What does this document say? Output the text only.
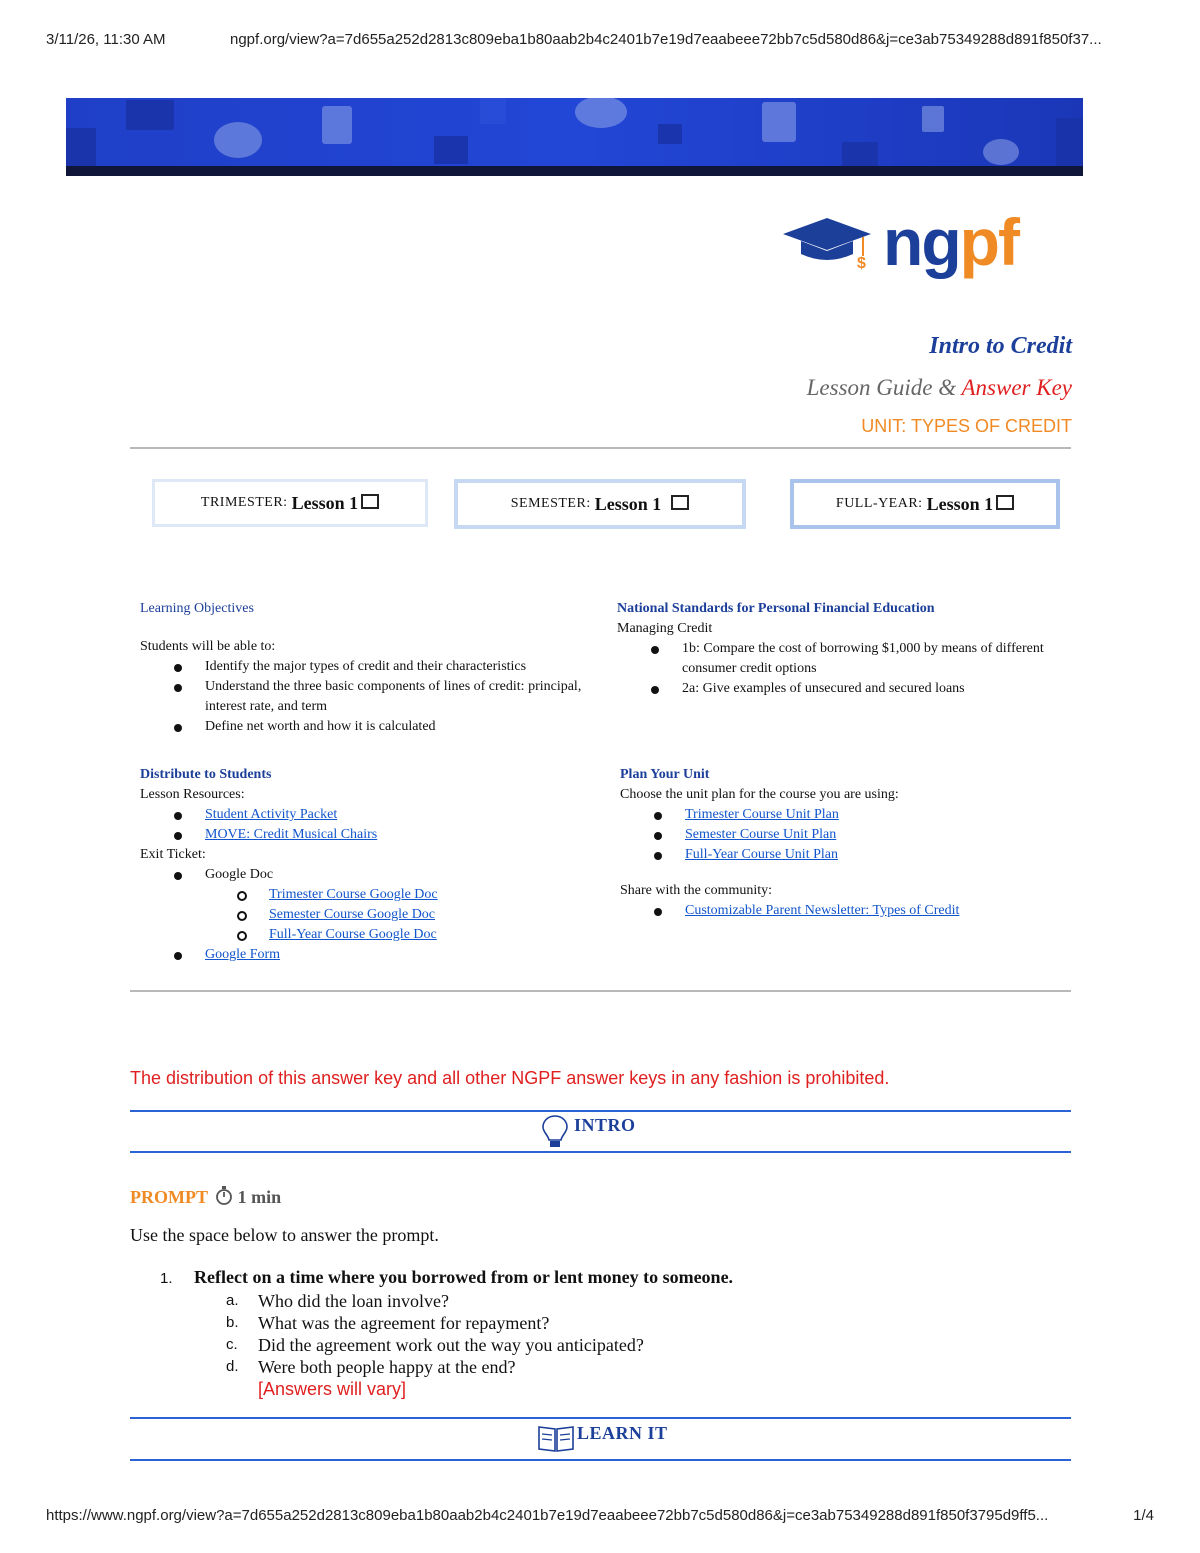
3/11/26, 11:30 AM	ngpf.org/view?a=7d655a252d2813c809eba1b80aab2b4c2401b7e19d7eaabeee72bb7c5d580d86&j=ce3ab75349288d891f850f37...
$ ngpf
Intro to Credit
Lesson Guide & Answer Key
UNIT: TYPES OF CREDIT
TRIMESTER: Lesson 1	SEMESTER: Lesson 1	FULL-YEAR: Lesson 1
Learning Objectives

Students will be able to:

Identify the major types of credit and their characteristics
Understand the three basic components of lines of credit: principal, interest rate, and term
Define net worth and how it is calculated
National Standards for Personal Financial Education

Managing Credit

1b: Compare the cost of borrowing $1,000 by means of different consumer credit options
2a: Give examples of unsecured and secured loans
Distribute to Students

Lesson Resources:

Student Activity Packet
MOVE: Credit Musical Chairs

Exit Ticket:

Google Doc
Trimester Course Google Doc
Semester Course Google Doc
Full-Year Course Google Doc
Google Form
Plan Your Unit

Choose the unit plan for the course you are using:

Trimester Course Unit Plan
Semester Course Unit Plan
Full-Year Course Unit Plan

Share with the community:

Customizable Parent Newsletter: Types of Credit
The distribution of this answer key and all other NGPF answer keys in any fashion is prohibited.
INTRO
PROMPT 1 min
Use the space below to answer the prompt.
1. Reflect on a time where you borrowed from or lent money to someone.
a.	Who did the loan involve?
b.	What was the agreement for repayment?
c.	Did the agreement work out the way you anticipated?
d.	Were both people happy at the end?
[Answers will vary]
LEARN IT
https://www.ngpf.org/view?a=7d655a252d2813c809eba1b80aab2b4c2401b7e19d7eaabeee72bb7c5d580d86&j=ce3ab75349288d891f850f3795d9ff5...	1/4
